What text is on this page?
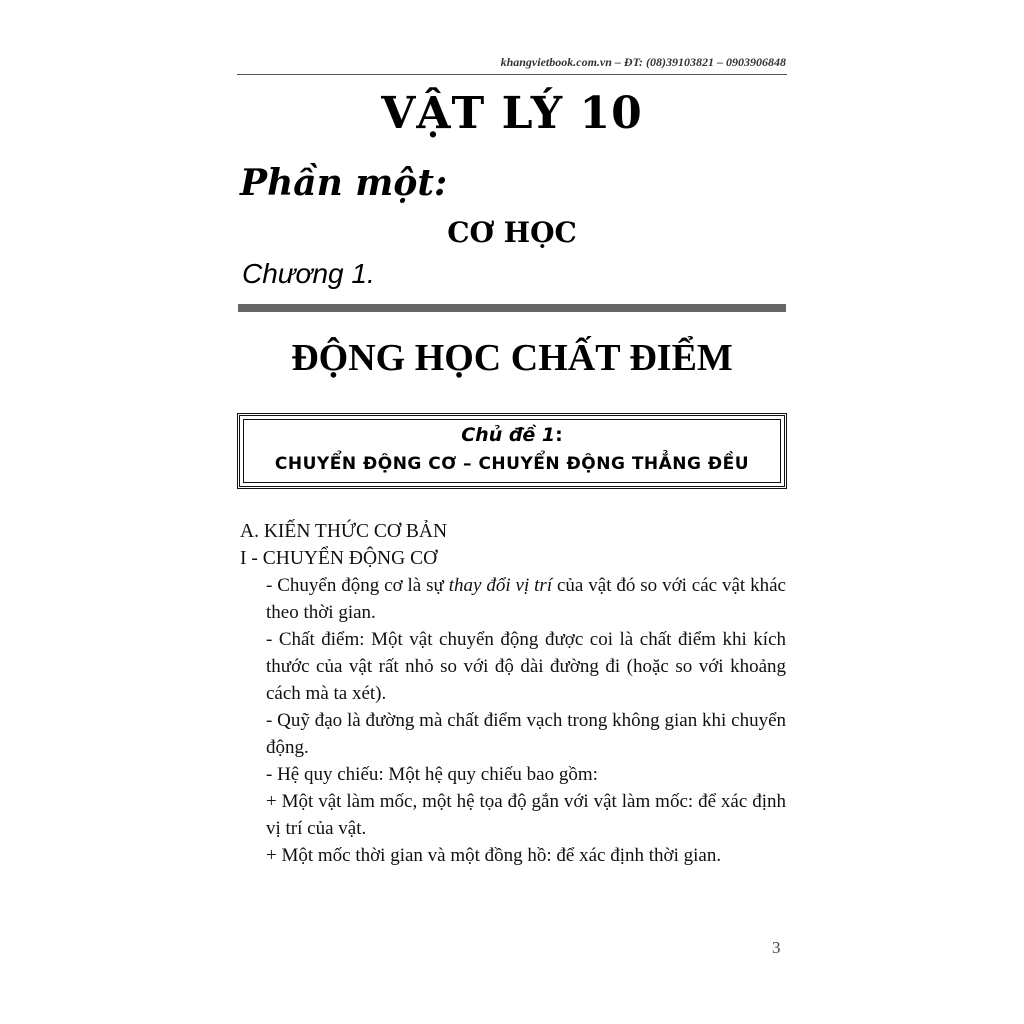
khangvietbook.com.vn – ĐT: (08)39103821 – 0903906848
VẬT LÝ 10
Phần một:
CƠ HỌC
Chương 1.
ĐỘNG HỌC CHẤT ĐIỂM
Chủ đề 1:
CHUYỂN ĐỘNG CƠ – CHUYỂN ĐỘNG THẲNG ĐỀU
A. KIẾN THỨC CƠ BẢN
I - CHUYỂN ĐỘNG CƠ
- Chuyển động cơ là sự thay đổi vị trí của vật đó so với các vật khác theo thời gian.
- Chất điểm: Một vật chuyển động được coi là chất điểm khi kích thước của vật rất nhỏ so với độ dài đường đi (hoặc so với khoảng cách mà ta xét).
- Quỹ đạo là đường mà chất điểm vạch trong không gian khi chuyển động.
- Hệ quy chiếu: Một hệ quy chiếu bao gồm:
+ Một vật làm mốc, một hệ tọa độ gắn với vật làm mốc: để xác định vị trí của vật.
+ Một mốc thời gian và một đồng hồ: để xác định thời gian.
3
